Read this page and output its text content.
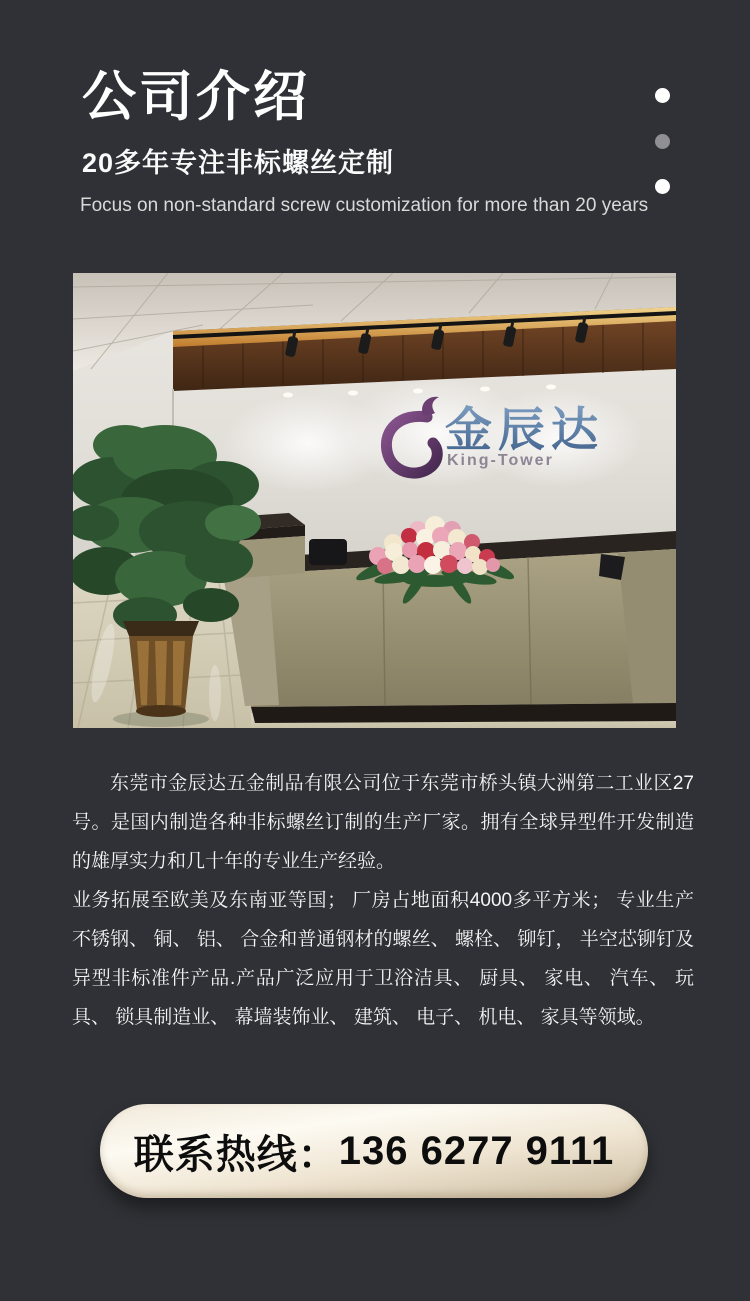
公司介绍
20多年专注非标螺丝定制
Focus on non-standard screw customization for more than 20 years
金辰达
King-Tower

东莞市金辰达五金制品有限公司位于东莞市桥头镇大洲第二工业区27号。是国内制造各种非标螺丝订制的生产厂家。拥有全球异型件开发制造的雄厚实力和几十年的专业生产经验。

业务拓展至欧美及东南亚等国； 厂房占地面积4000多平方米； 专业生产不锈钢、 铜、 铝、 合金和普通钢材的螺丝、 螺栓、 铆钉， 半空芯铆钉及异型非标准件产品.产品广泛应用于卫浴洁具、 厨具、 家电、 汽车、 玩具、 锁具制造业、 幕墙装饰业、 建筑、 电子、 机电、 家具等领域。

联系热线： 136 6277 9111
